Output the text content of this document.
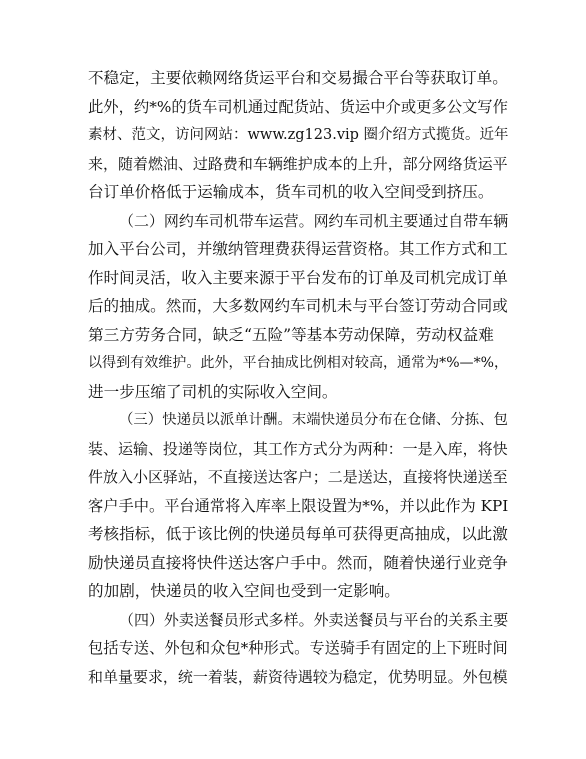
不稳定，主要依赖网络货运平台和交易撮合平台等获取订单。
此外，约*%的货车司机通过配货站、货运中介或更多公文写作
素材、范文，访问网站：www.zg123.vip 圈介绍方式揽货。近年
来，随着燃油、过路费和车辆维护成本的上升，部分网络货运平
台订单价格低于运输成本，货车司机的收入空间受到挤压。
（二）网约车司机带车运营。网约车司机主要通过自带车辆
加入平台公司，并缴纳管理费获得运营资格。其工作方式和工
作时间灵活，收入主要来源于平台发布的订单及司机完成订单
后的抽成。然而，大多数网约车司机未与平台签订劳动合同或
第三方劳务合同，缺乏“五险”等基本劳动保障，劳动权益难
以得到有效维护。此外，平台抽成比例相对较高，通常为*%—*%，
进一步压缩了司机的实际收入空间。
（三）快递员以派单计酬。末端快递员分布在仓储、分拣、包
装、运输、投递等岗位，其工作方式分为两种：一是入库，将快
件放入小区驿站，不直接送达客户；二是送达，直接将快递送至
客户手中。平台通常将入库率上限设置为*%，并以此作为 KPI
考核指标，低于该比例的快递员每单可获得更高抽成，以此激
励快递员直接将快件送达客户手中。然而，随着快递行业竞争
的加剧，快递员的收入空间也受到一定影响。
（四）外卖送餐员形式多样。外卖送餐员与平台的关系主要
包括专送、外包和众包*种形式。专送骑手有固定的上下班时间
和单量要求，统一着装，薪资待遇较为稳定，优势明显。外包模
